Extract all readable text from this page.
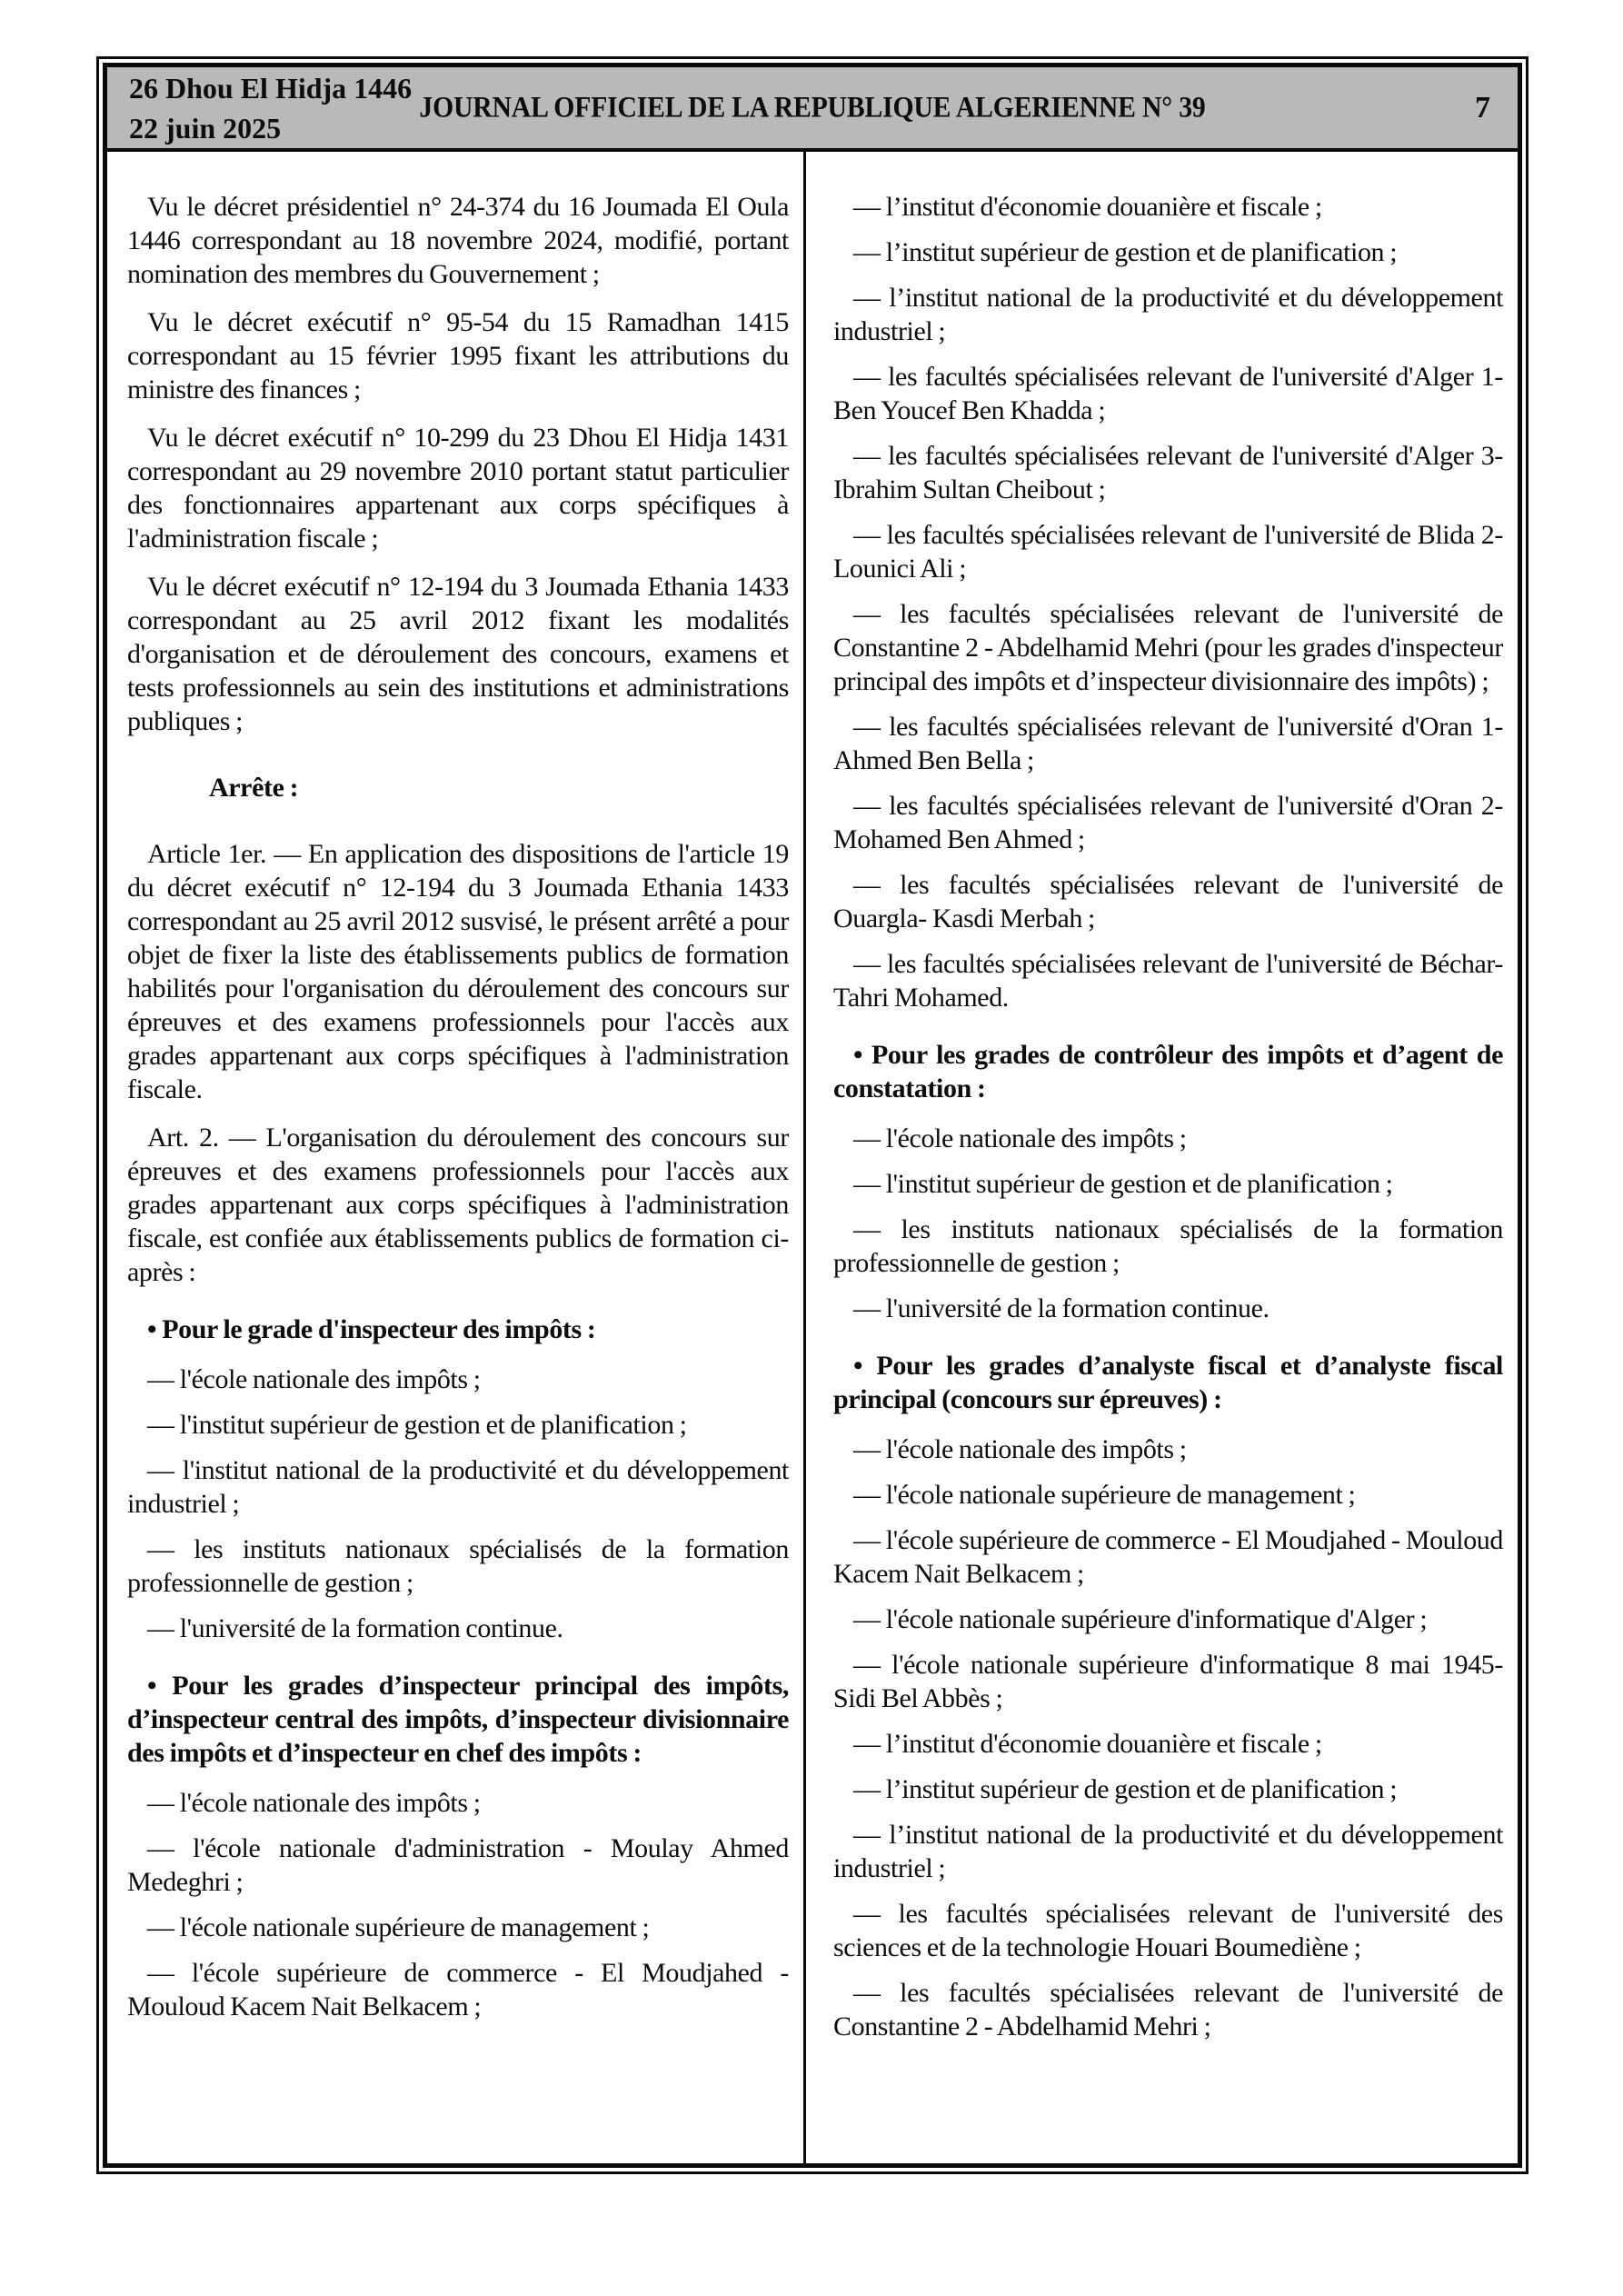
26 Dhou El Hidja 1446
22 juin 2025
JOURNAL OFFICIEL DE LA REPUBLIQUE ALGERIENNE N° 39	7

Vu le décret présidentiel n° 24-374 du 16 Joumada El Oula 1446 correspondant au 18 novembre 2024, modifié, portant nomination des membres du Gouvernement ;

Vu le décret exécutif n° 95-54 du 15 Ramadhan 1415 correspondant au 15 février 1995 fixant les attributions du ministre des finances ;

Vu le décret exécutif n° 10-299 du 23 Dhou El Hidja 1431 correspondant au 29 novembre 2010 portant statut particulier des fonctionnaires appartenant aux corps spécifiques à l'administration fiscale ;

Vu le décret exécutif n° 12-194 du 3 Joumada Ethania 1433 correspondant au 25 avril 2012 fixant les modalités d'organisation et de déroulement des concours, examens et tests professionnels au sein des institutions et administrations publiques ;

Arrête :

Article 1er. — En application des dispositions de l'article 19 du décret exécutif n° 12-194 du 3 Joumada Ethania 1433 correspondant au 25 avril 2012 susvisé, le présent arrêté a pour objet de fixer la liste des établissements publics de formation habilités pour l'organisation du déroulement des concours sur épreuves et des examens professionnels pour l'accès aux grades appartenant aux corps spécifiques à l'administration fiscale.

Art. 2. — L'organisation du déroulement des concours sur épreuves et des examens professionnels pour l'accès aux grades appartenant aux corps spécifiques à l'administration fiscale, est confiée aux établissements publics de formation ci-après :

• Pour le grade d'inspecteur des impôts :

— l'école nationale des impôts ;

— l'institut supérieur de gestion et de planification ;

— l'institut national de la productivité et du développement industriel ;

— les instituts nationaux spécialisés de la formation professionnelle de gestion ;

— l'université de la formation continue.

• Pour les grades d’inspecteur principal des impôts, d’inspecteur central des impôts, d’inspecteur divisionnaire des impôts et d’inspecteur en chef des impôts :

— l'école nationale des impôts ;

— l'école nationale d'administration - Moulay Ahmed Medeghri ;

— l'école nationale supérieure de management ;

— l'école supérieure de commerce - El Moudjahed - Mouloud Kacem Nait Belkacem ;

— l’institut d'économie douanière et fiscale ;

— l’institut supérieur de gestion et de planification ;

— l’institut national de la productivité et du développement industriel ;

— les facultés spécialisées relevant de l'université d'Alger 1- Ben Youcef Ben Khadda ;

— les facultés spécialisées relevant de l'université d'Alger 3- Ibrahim Sultan Cheibout ;

— les facultés spécialisées relevant de l'université de Blida 2- Lounici Ali ;

— les facultés spécialisées relevant de l'université de Constantine 2 - Abdelhamid Mehri (pour les grades d'inspecteur principal des impôts et d’inspecteur divisionnaire des impôts) ;

— les facultés spécialisées relevant de l'université d'Oran 1- Ahmed Ben Bella ;

— les facultés spécialisées relevant de l'université d'Oran 2- Mohamed Ben Ahmed ;

— les facultés spécialisées relevant de l'université de Ouargla- Kasdi Merbah ;

— les facultés spécialisées relevant de l'université de Béchar- Tahri Mohamed.

• Pour les grades de contrôleur des impôts et d’agent de constatation :

— l'école nationale des impôts ;

— l'institut supérieur de gestion et de planification ;

— les instituts nationaux spécialisés de la formation professionnelle de gestion ;

— l'université de la formation continue.

• Pour les grades d’analyste fiscal et d’analyste fiscal principal (concours sur épreuves) :

— l'école nationale des impôts ;

— l'école nationale supérieure de management ;

— l'école supérieure de commerce - El Moudjahed - Mouloud Kacem Nait Belkacem ;

— l'école nationale supérieure d'informatique d'Alger ;

— l'école nationale supérieure d'informatique 8 mai 1945- Sidi Bel Abbès ;

— l’institut d'économie douanière et fiscale ;

— l’institut supérieur de gestion et de planification ;

— l’institut national de la productivité et du développement industriel ;

— les facultés spécialisées relevant de l'université des sciences et de la technologie Houari Boumediène ;

— les facultés spécialisées relevant de l'université de Constantine 2 - Abdelhamid Mehri ;
